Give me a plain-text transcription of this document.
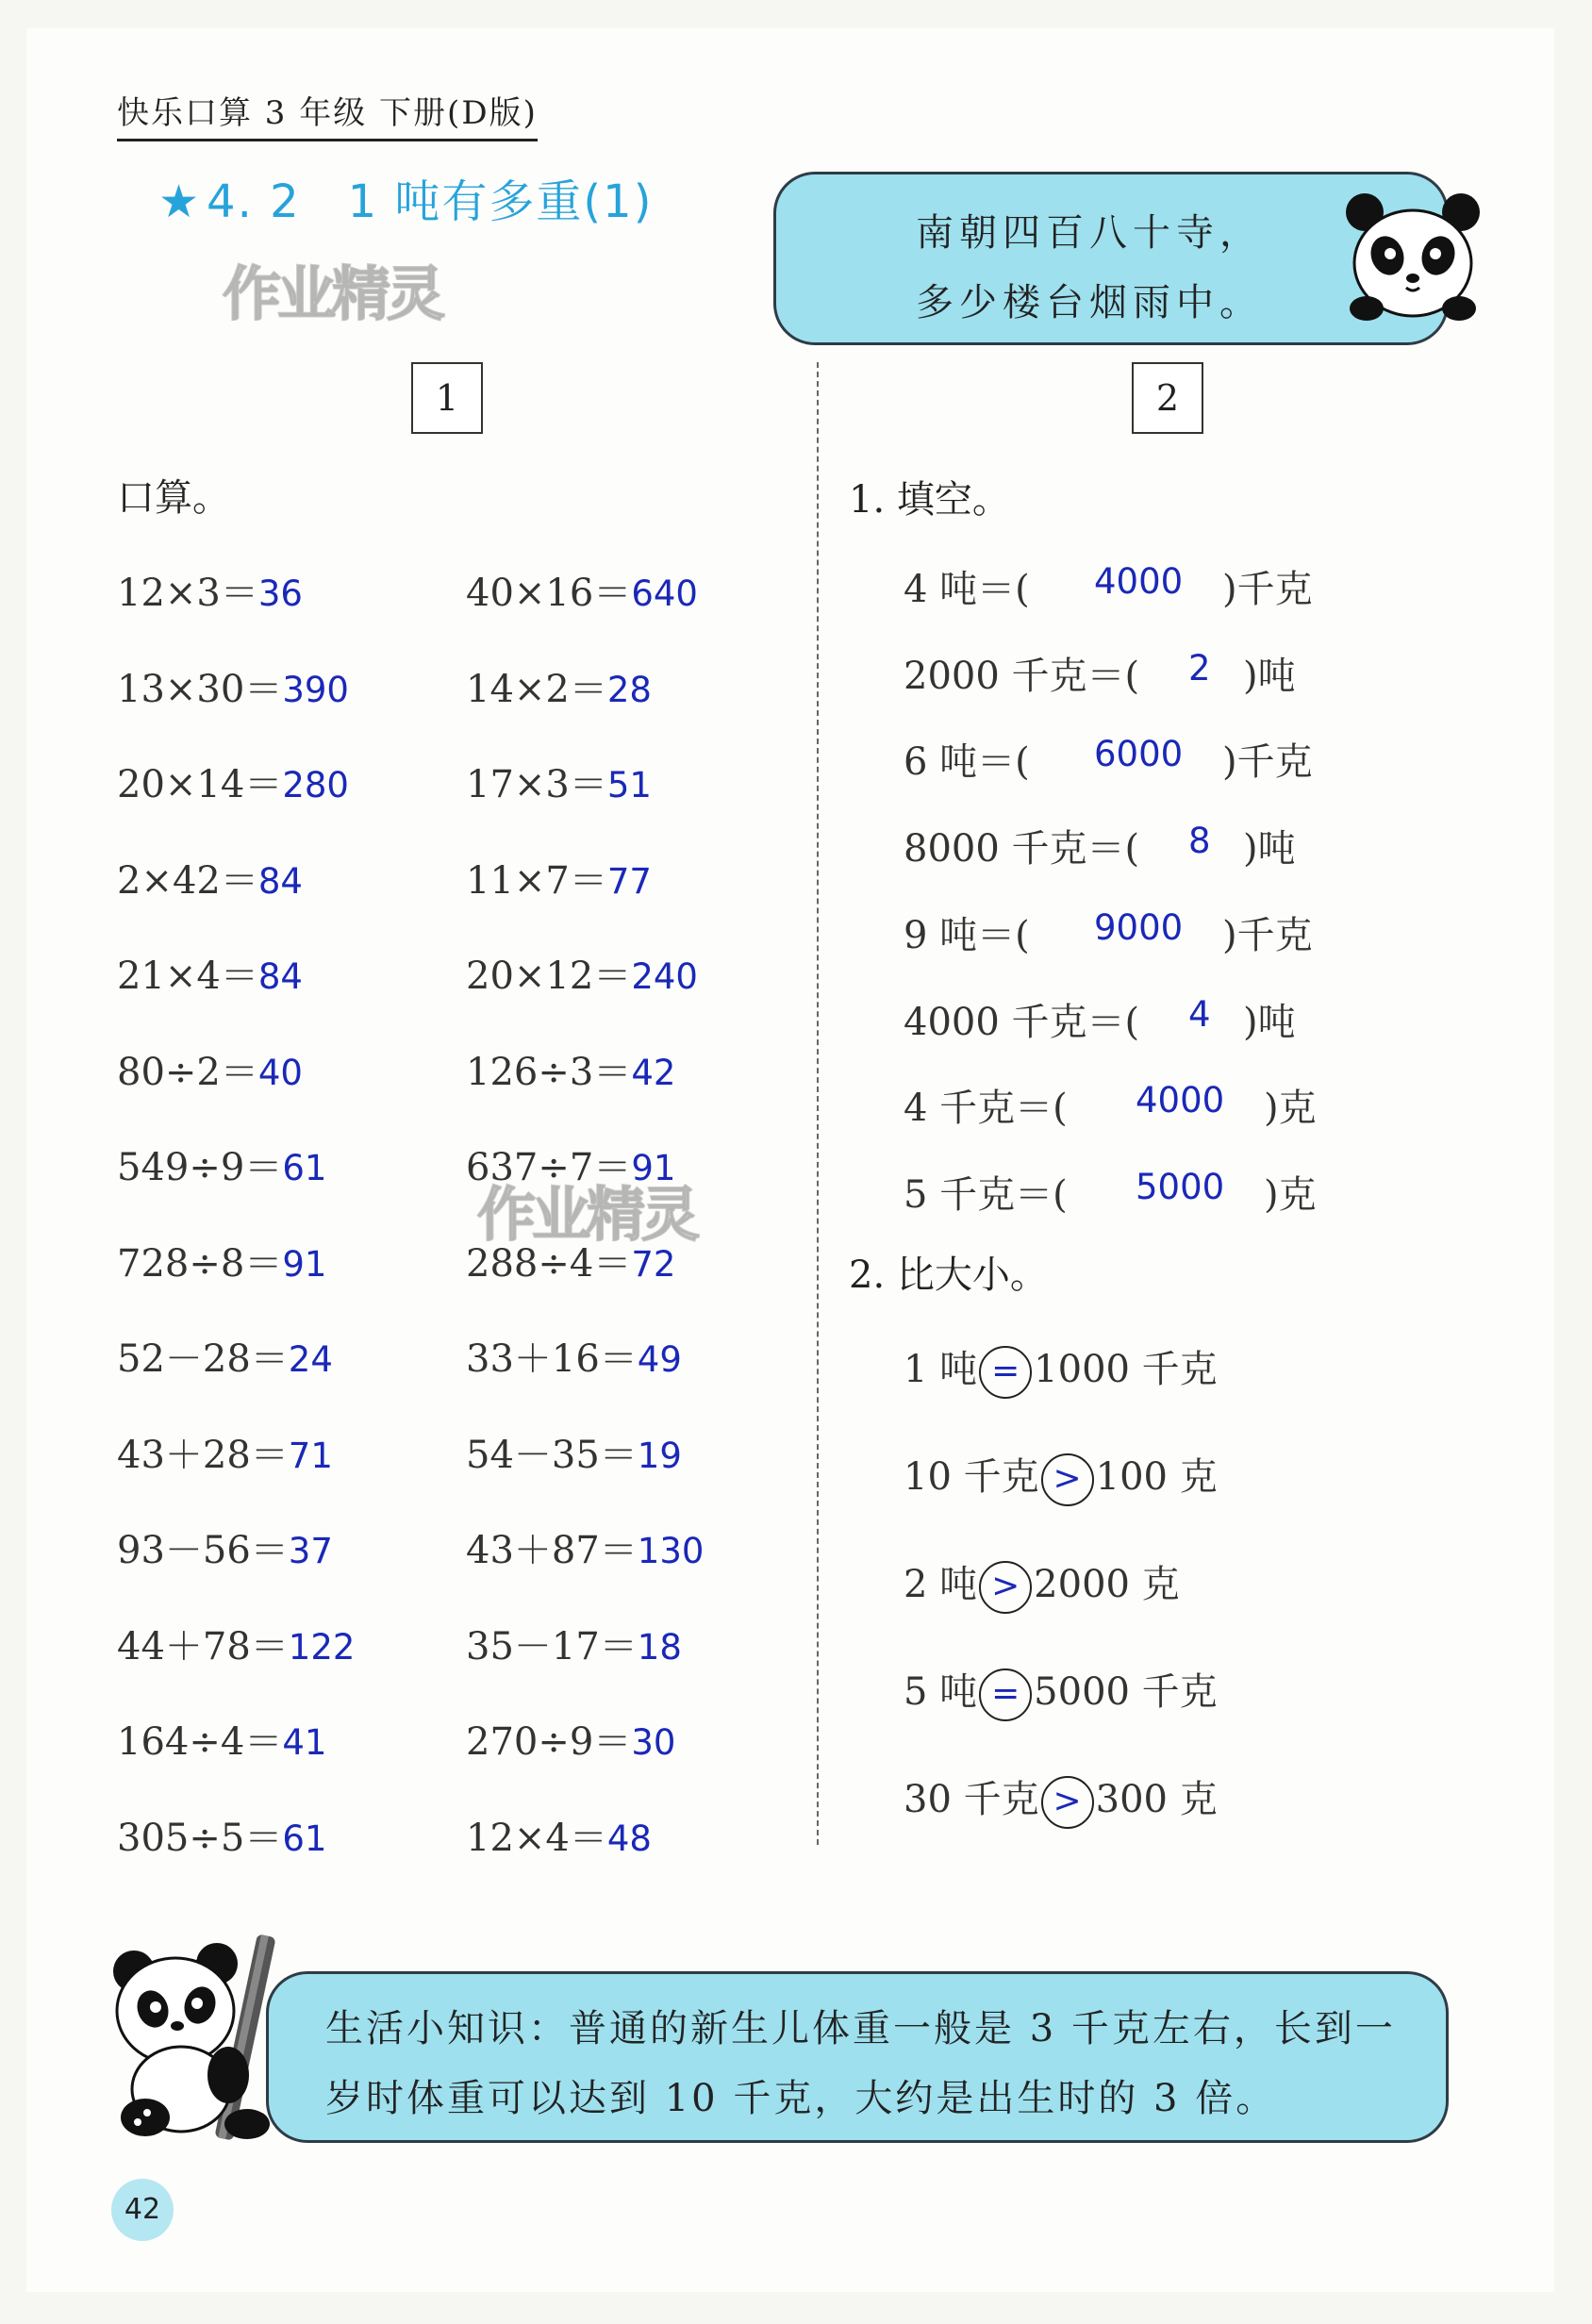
快乐口算 3 年级 下册(D版)
★ 4. 2　1 吨有多重(1)
作业精灵
作业精灵
南朝四百八十寺，
多少楼台烟雨中。
1	2
口算。
12×3＝36
13×30＝390
20×14＝280
2×42＝84
21×4＝84
80÷2＝40
549÷9＝61
728÷8＝91
52－28＝24
43＋28＝71
93－56＝37
44＋78＝122
164÷4＝41
305÷5＝61
40×16＝640
14×2＝28
17×3＝51
11×7＝77
20×12＝240
126÷3＝42
637÷7＝91
288÷4＝72
33＋16＝49
54－35＝19
43＋87＝130
35－17＝18
270÷9＝30
12×4＝48
1. 填空。
4 吨＝( 4000 )千克
2000 千克＝( 2 )吨
6 吨＝( 6000 )千克
8000 千克＝( 8 )吨
9 吨＝( 9000 )千克
4000 千克＝( 4 )吨
4 千克＝( 4000 )克
5 千克＝( 5000 )克
2. 比大小。
1 吨 = 1000 千克
10 千克 > 100 克
2 吨 > 2000 克
5 吨 = 5000 千克
30 千克 > 300 克
生活小知识：普通的新生儿体重一般是 3 千克左右，长到一
岁时体重可以达到 10 千克，大约是出生时的 3 倍。
42
